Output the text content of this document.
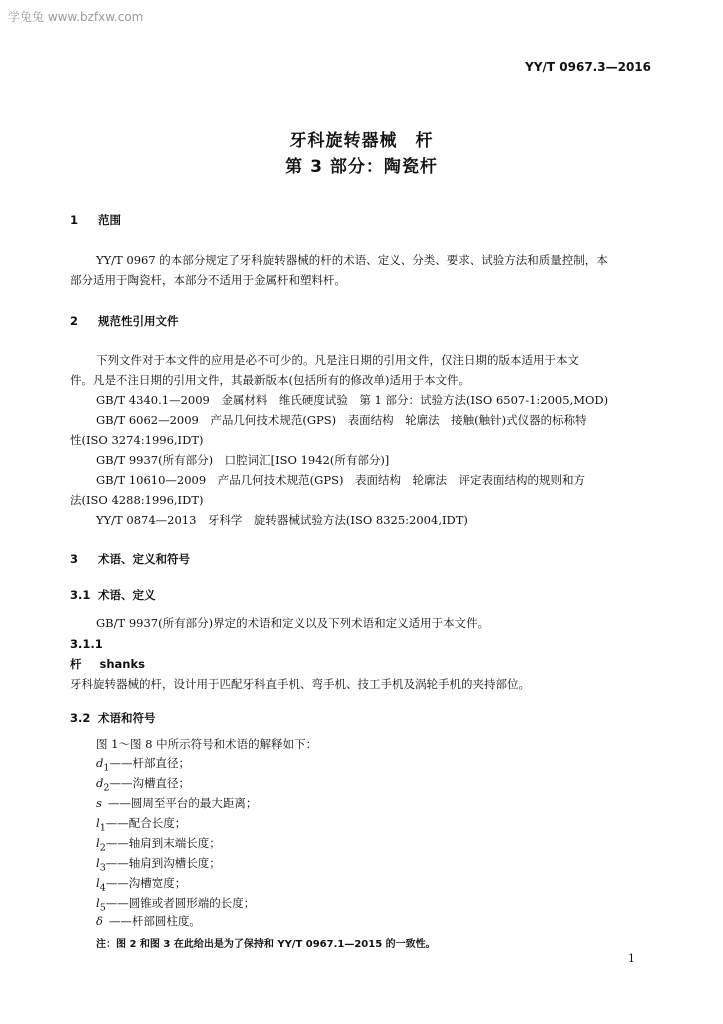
学兔兔 www.bzfxw.com
YY/T 0967.3—2016
牙科旋转器械　杆
第 3 部分：陶瓷杆
1 范围
YY/T 0967 的本部分规定了牙科旋转器械的杆的术语、定义、分类、要求、试验方法和质量控制，本
部分适用于陶瓷杆，本部分不适用于金属杆和塑料杆。
2 规范性引用文件
下列文件对于本文件的应用是必不可少的。凡是注日期的引用文件，仅注日期的版本适用于本文
件。凡是不注日期的引用文件，其最新版本(包括所有的修改单)适用于本文件。
GB/T 4340.1—2009　金属材料　维氏硬度试验　第 1 部分：试验方法(ISO 6507-1:2005,MOD)
GB/T 6062—2009　产品几何技术规范(GPS)　表面结构　轮廓法　接触(触针)式仪器的标称特
性(ISO 3274:1996,IDT)
GB/T 9937(所有部分)　口腔词汇[ISO 1942(所有部分)]
GB/T 10610—2009　产品几何技术规范(GPS)　表面结构　轮廓法　评定表面结构的规则和方
法(ISO 4288:1996,IDT)
YY/T 0874—2013　牙科学　旋转器械试验方法(ISO 8325:2004,IDT)
3 术语、定义和符号
3.1 术语、定义
GB/T 9937(所有部分)界定的术语和定义以及下列术语和定义适用于本文件。
3.1.1
杆 shanks
牙科旋转器械的杆，设计用于匹配牙科直手机、弯手机、技工手机及涡轮手机的夹持部位。
3.2 术语和符号
图 1～图 8 中所示符号和术语的解释如下：
$d_1——$杆部直径；
$d_2——$沟槽直径；
s ——圆周至平台的最大距离；
$l_1——$配合长度；
$l_2——$轴肩到末端长度；
$l_3——$轴肩到沟槽长度；
$l_4——$沟槽宽度；
$l_5——$圆锥或者圆形端的长度；
δ ——杆部圆柱度。
注：图 2 和图 3 在此给出是为了保持和 YY/T 0967.1—2015 的一致性。
1
